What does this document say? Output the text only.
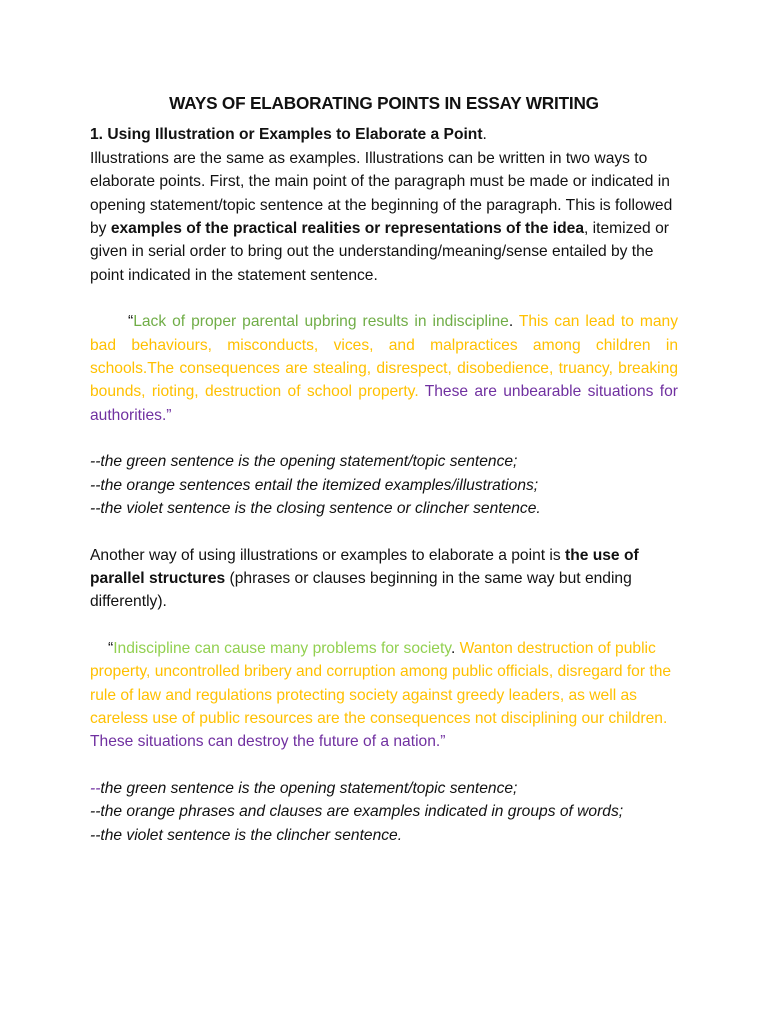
WAYS OF ELABORATING POINTS IN ESSAY WRITING

1. Using Illustration or Examples to Elaborate a Point.

Illustrations are the same as examples. Illustrations can be written in two ways to elaborate points. First, the main point of the paragraph must be made or indicated in opening statement/topic sentence at the beginning of the paragraph. This is followed by examples of the practical realities or representations of the idea, itemized or given in serial order to bring out the understanding/meaning/sense entailed by the point indicated in the statement sentence.

“Lack of proper parental upbring results in indiscipline. This can lead to many bad behaviours, misconducts, vices, and malpractices among children in schools.The consequences are stealing, disrespect, disobedience, truancy, breaking bounds, rioting, destruction of school property. These are unbearable situations for authorities.”

--the green sentence is the opening statement/topic sentence;

--the orange sentences entail the itemized examples/illustrations;

--the violet sentence is the closing sentence or clincher sentence.

Another way of using illustrations or examples to elaborate a point is the use of parallel structures (phrases or clauses beginning in the same way but ending differently).

“Indiscipline can cause many problems for society. Wanton destruction of public property, uncontrolled bribery and corruption among public officials, disregard for the rule of law and regulations protecting society against greedy leaders, as well as careless use of public resources are the consequences not disciplining our children. These situations can destroy the future of a nation.”

--the green sentence is the opening statement/topic sentence;

--the orange phrases and clauses are examples indicated in groups of words;

--the violet sentence is the clincher sentence.
